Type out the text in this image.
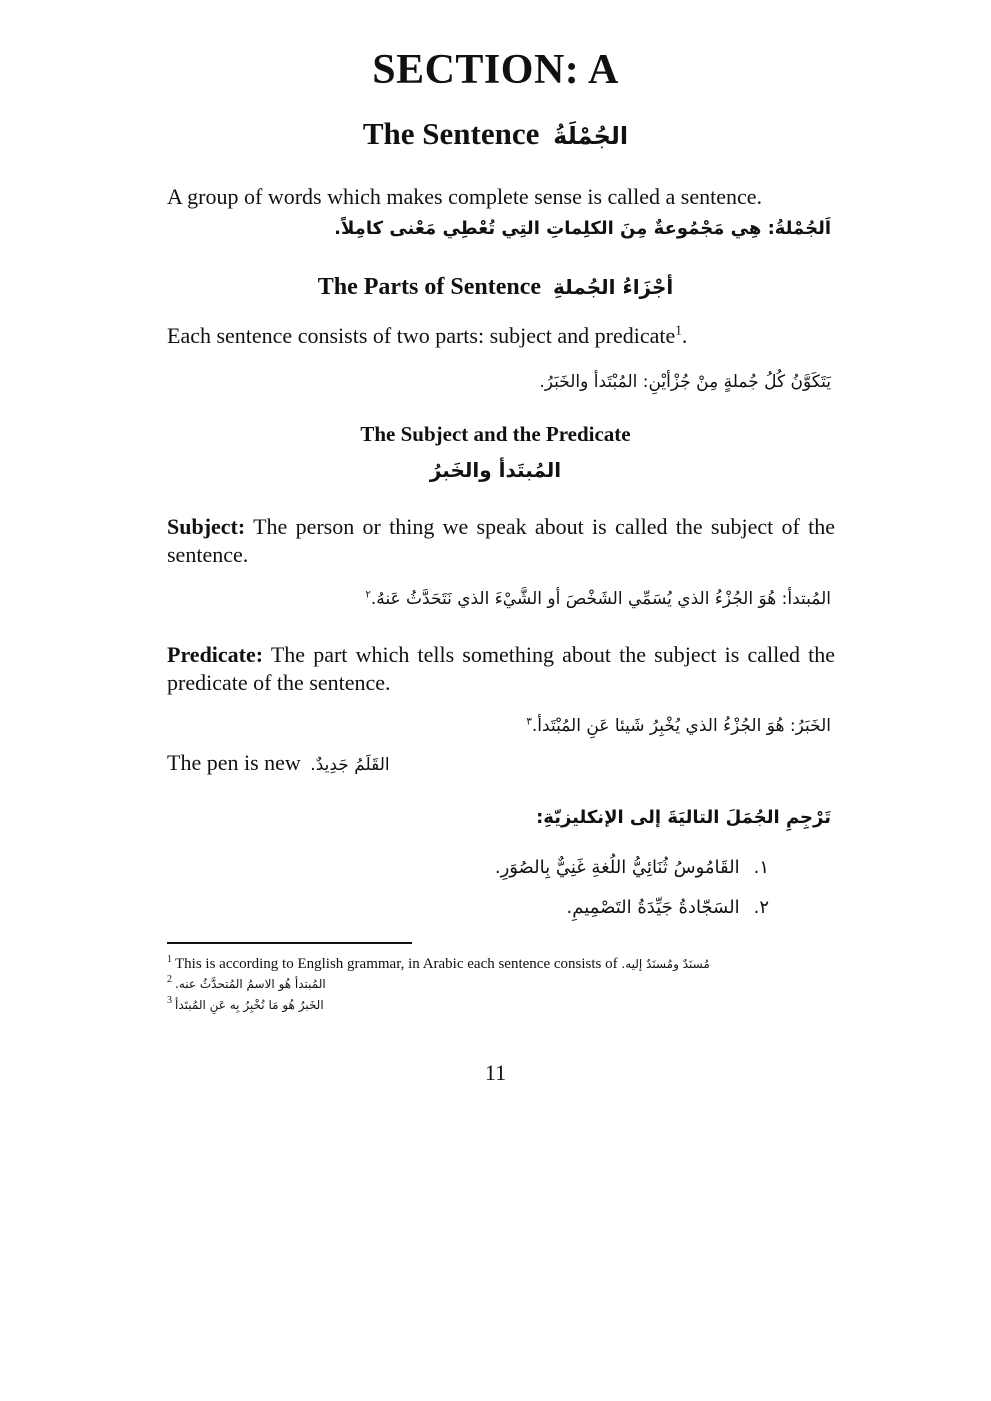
SECTION: A
The Sentence الجُمْلَةُ
A group of words which makes complete sense is called a sentence.
اَلجُمْلةُ: هِي مَجْمُوعةٌ مِنَ الكلِماتِ التِي تُعْطِي مَعْنى كامِلاً.
The Parts of Sentence أجْزَاءُ الجُملةِ
Each sentence consists of two parts: subject and predicate$^1$.
يَتَكَوَّنُ كُلُ جُملةٍ مِنْ جُزْأيْنِ: المُبْتَدأ والخَبَرُ.
The Subject and the Predicate
المُبتَدأ والخَبرُ
Subject: The person or thing we speak about is called the subject of the sentence.
المُبتدأ: هُوَ الجُزْءُ الذي يُسَمِّي الشَخْصَ أو الشَّيْءَ الذي نَتَحَدَّثُ عَنهُ.$^٢$
Predicate: The part which tells something about the subject is called the predicate of the sentence.
الخَبَرُ: هُوَ الجُزْءُ الذي يُخْبِرُ شَيئا عَنِ المُبْتَدأ.$^٣$
The pen is new القَلَمُ جَدِيدٌ.
تَرْجِمِ الجُمَلَ التاليَةَ إلى الإنكليزيّةِ:
١.القَامُوسُ ثُنَائِيُّ اللُغةِ غَنِيٌّ بِالصُوَرِ.
٢.السَجّادةُ جَيِّدَةُ التَصْمِيمِ.
$^1$ This is according to English grammar, in Arabic each sentence consists of مُسنَدٌ ومُسنَدٌ إليه.
$^2$ المُبتدأ هُو الاسمُ المُتحدَّثُ عنه.
$^3$ الخَبرُ هُو مَا نُخْبِرُ بِه عَنِ المُبتَدأ
11
